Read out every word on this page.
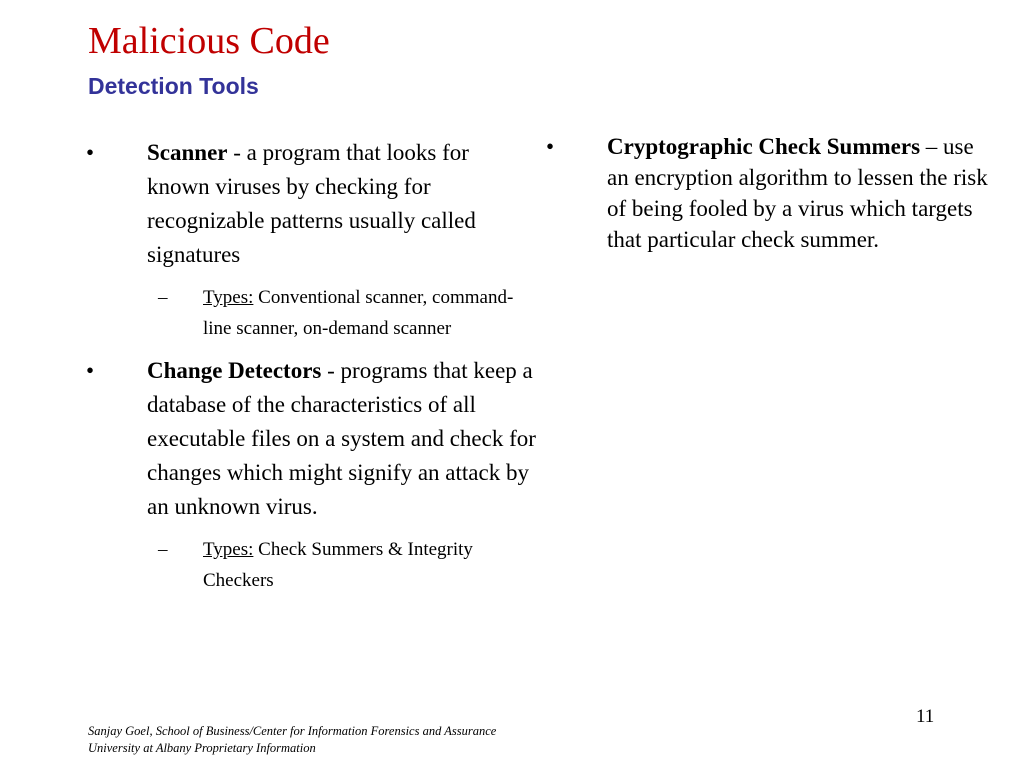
Malicious Code
Detection Tools
• Scanner - a program that looks for known viruses by checking for recognizable patterns usually called signatures
– Types: Conventional scanner, command-line scanner, on-demand scanner
• Change Detectors - programs that keep a database of the characteristics of all executable files on a system and check for changes which might signify an attack by an unknown virus.
– Types: Check Summers & Integrity Checkers
• Cryptographic Check Summers – use an encryption algorithm to lessen the risk of being fooled by a virus which targets that particular check summer.
Sanjay Goel, School of Business/Center for Information Forensics and Assurance
University at Albany Proprietary Information
11
